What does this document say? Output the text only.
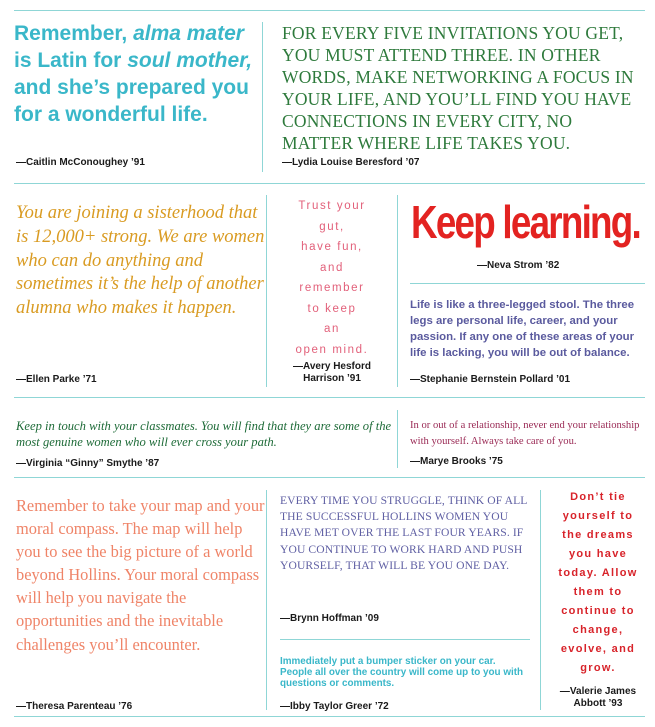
Remember, alma mater is Latin for soul mother, and she’s prepared you for a wonderful life.

—Caitlin McConoughey ’91

FOR EVERY FIVE INVITATIONS YOU GET, YOU MUST ATTEND THREE. IN OTHER WORDS, MAKE NETWORKING A FOCUS IN YOUR LIFE, AND YOU’LL FIND YOU HAVE CONNECTIONS IN EVERY CITY, NO MATTER WHERE LIFE TAKES YOU.

—Lydia Louise Beresford ’07

You are joining a sisterhood that is 12,000+ strong. We are women who can do anything and sometimes it’s the help of another alumna who makes it happen.

—Ellen Parke ’71
Trust your
gut,
have fun,
and
remember
to keep
an
open mind.
—Avery Hesford
Harrison ’91

Keep learning.

—Neva Strom ’82

Life is like a three-legged stool. The three legs are personal life, career, and your passion. If any one of these areas of your life is lacking, you will be out of balance.

—Stephanie Bernstein Pollard ’01

Keep in touch with your classmates. You will find that they are some of the most genuine women who will ever cross your path.

—Virginia “Ginny” Smythe ’87

In or out of a relationship, never end your relationship with yourself. Always take care of you.

—Marye Brooks ’75

Remember to take your map and your moral compass. The map will help you to see the big picture of a world beyond Hollins. Your moral compass will help you navigate the opportunities and the inevitable challenges you’ll encounter.

—Theresa Parenteau ’76

EVERY TIME YOU STRUGGLE, THINK OF ALL THE SUCCESSFUL HOLLINS WOMEN YOU HAVE MET OVER THE LAST FOUR YEARS. IF YOU CONTINUE TO WORK HARD AND PUSH YOURSELF, THAT WILL BE YOU ONE DAY.

—Brynn Hoffman ’09

Immediately put a bumper sticker on your car. People all over the country will come up to you with questions or comments.

—Ibby Taylor Greer ’72
Don’t tie
yourself to
the dreams
you have
today. Allow
them to
continue to
change,
evolve, and
grow.
—Valerie James
Abbott ’93
